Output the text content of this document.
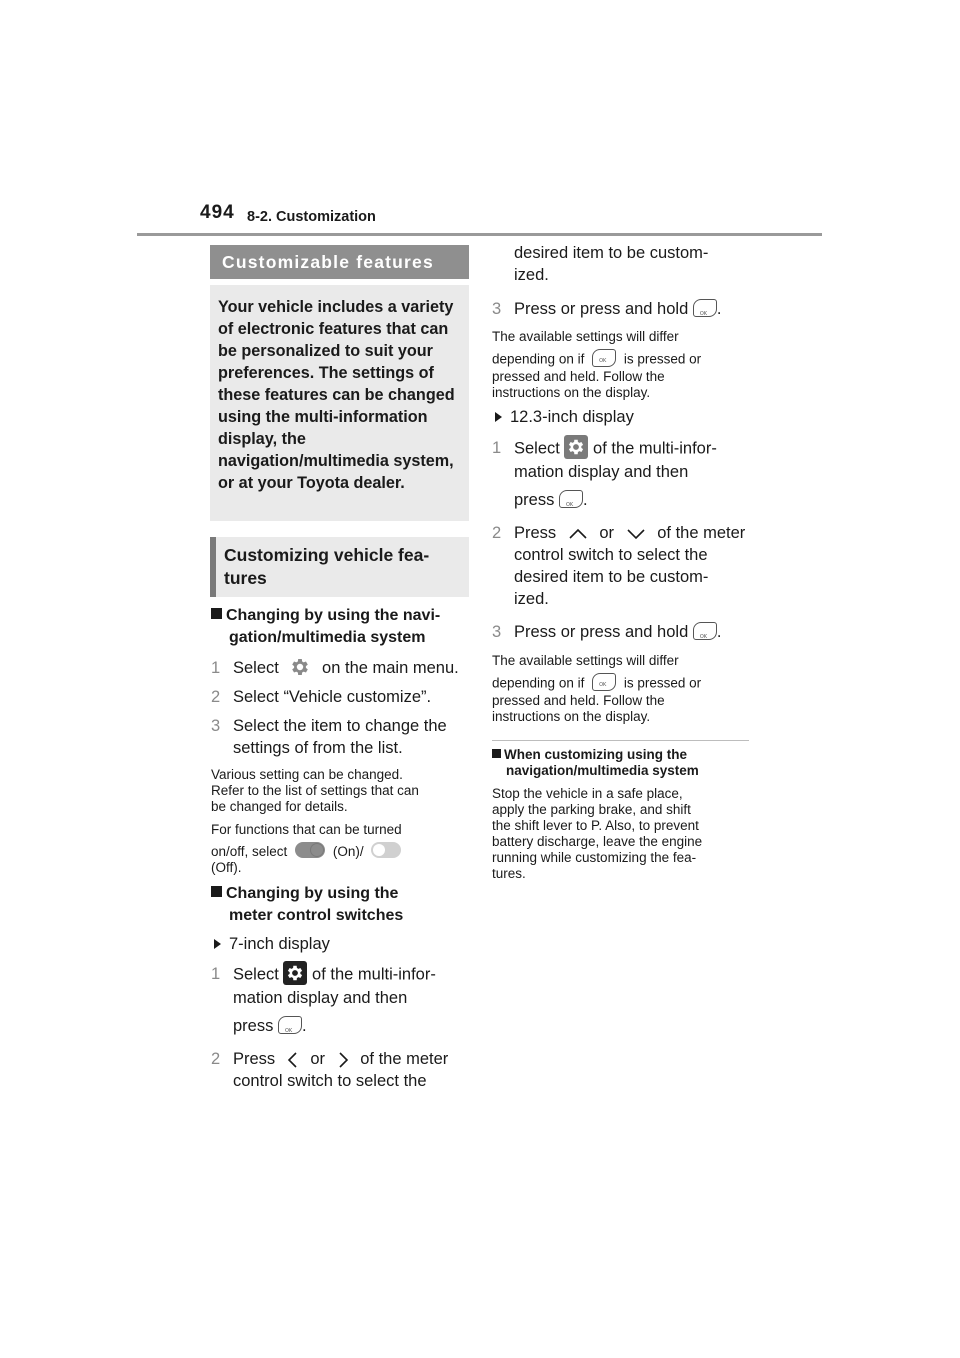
494 8-2. Customization
Customizable features
Your vehicle includes a variety of electronic features that can be personalized to suit your preferences. The settings of these features can be changed using the multi-information display, the navigation/multimedia system, or at your Toyota dealer.
Customizing vehicle fea-
tures
Changing by using the navi-
gation/multimedia system
1 Select	on the main menu.
2 Select “Vehicle customize”.
3 Select the item to change the
settings of from the list.
Various setting can be changed.
Refer to the list of settings that can
be changed for details.
For functions that can be turned
on/off, select	(On)/
(Off).
Changing by using the
meter control switches
7-inch display
1 Select of the multi-infor-
mation display and then
press OK .
2 Press or of the meter
control switch to select the
desired item to be custom-
ized.
3 Press or press and hold OK .
The available settings will differ
depending on if OK	is pressed or
pressed and held. Follow the
instructions on the display.
12.3-inch display
1 Select of the multi-infor-
mation display and then
press OK .
2 Press	or	of the meter
control switch to select the
desired item to be custom-
ized.
3 Press or press and hold OK .
The available settings will differ
depending on if OK	is pressed or
pressed and held. Follow the
instructions on the display.
When customizing using the
navigation/multimedia system
Stop the vehicle in a safe place,
apply the parking brake, and shift
the shift lever to P. Also, to prevent
battery discharge, leave the engine
running while customizing the fea-
tures.
